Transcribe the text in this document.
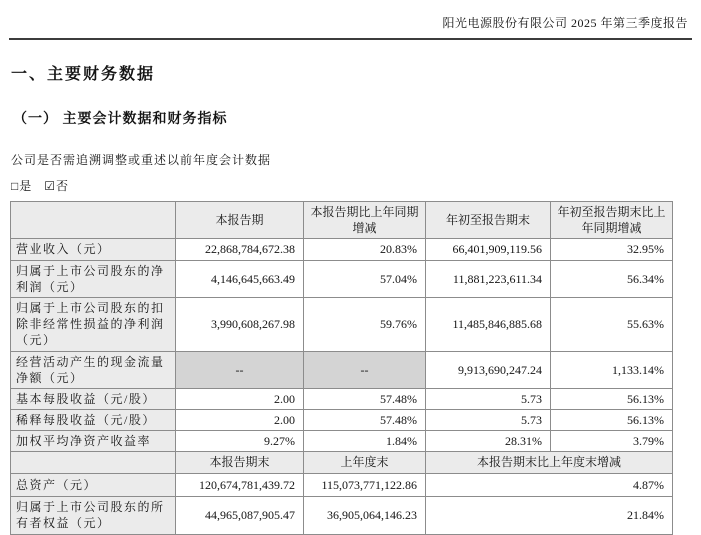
阳光电源股份有限公司 2025 年第三季度报告
一、主要财务数据
（一） 主要会计数据和财务指标
公司是否需追溯调整或重述以前年度会计数据
□是 ☑否
	本报告期	本报告期比上年同期增减	年初至报告期末	年初至报告期末比上年同期增减
营业收入（元）	22,868,784,672.38	20.83%	66,401,909,119.56	32.95%
归属于上市公司股东的净利润（元）	4,146,645,663.49	57.04%	11,881,223,611.34	56.34%
归属于上市公司股东的扣除非经常性损益的净利润（元）	3,990,608,267.98	59.76%	11,485,846,885.68	55.63%
经营活动产生的现金流量净额（元）	--	--	9,913,690,247.24	1,133.14%
基本每股收益（元/股）	2.00	57.48%	5.73	56.13%
稀释每股收益（元/股）	2.00	57.48%	5.73	56.13%
加权平均净资产收益率	9.27%	1.84%	28.31%	3.79%
	本报告期末	上年度末	本报告期末比上年度末增减	
总资产（元）	120,674,781,439.72	115,073,771,122.86	4.87%	
归属于上市公司股东的所有者权益（元）	44,965,087,905.47	36,905,064,146.23	21.84%	
